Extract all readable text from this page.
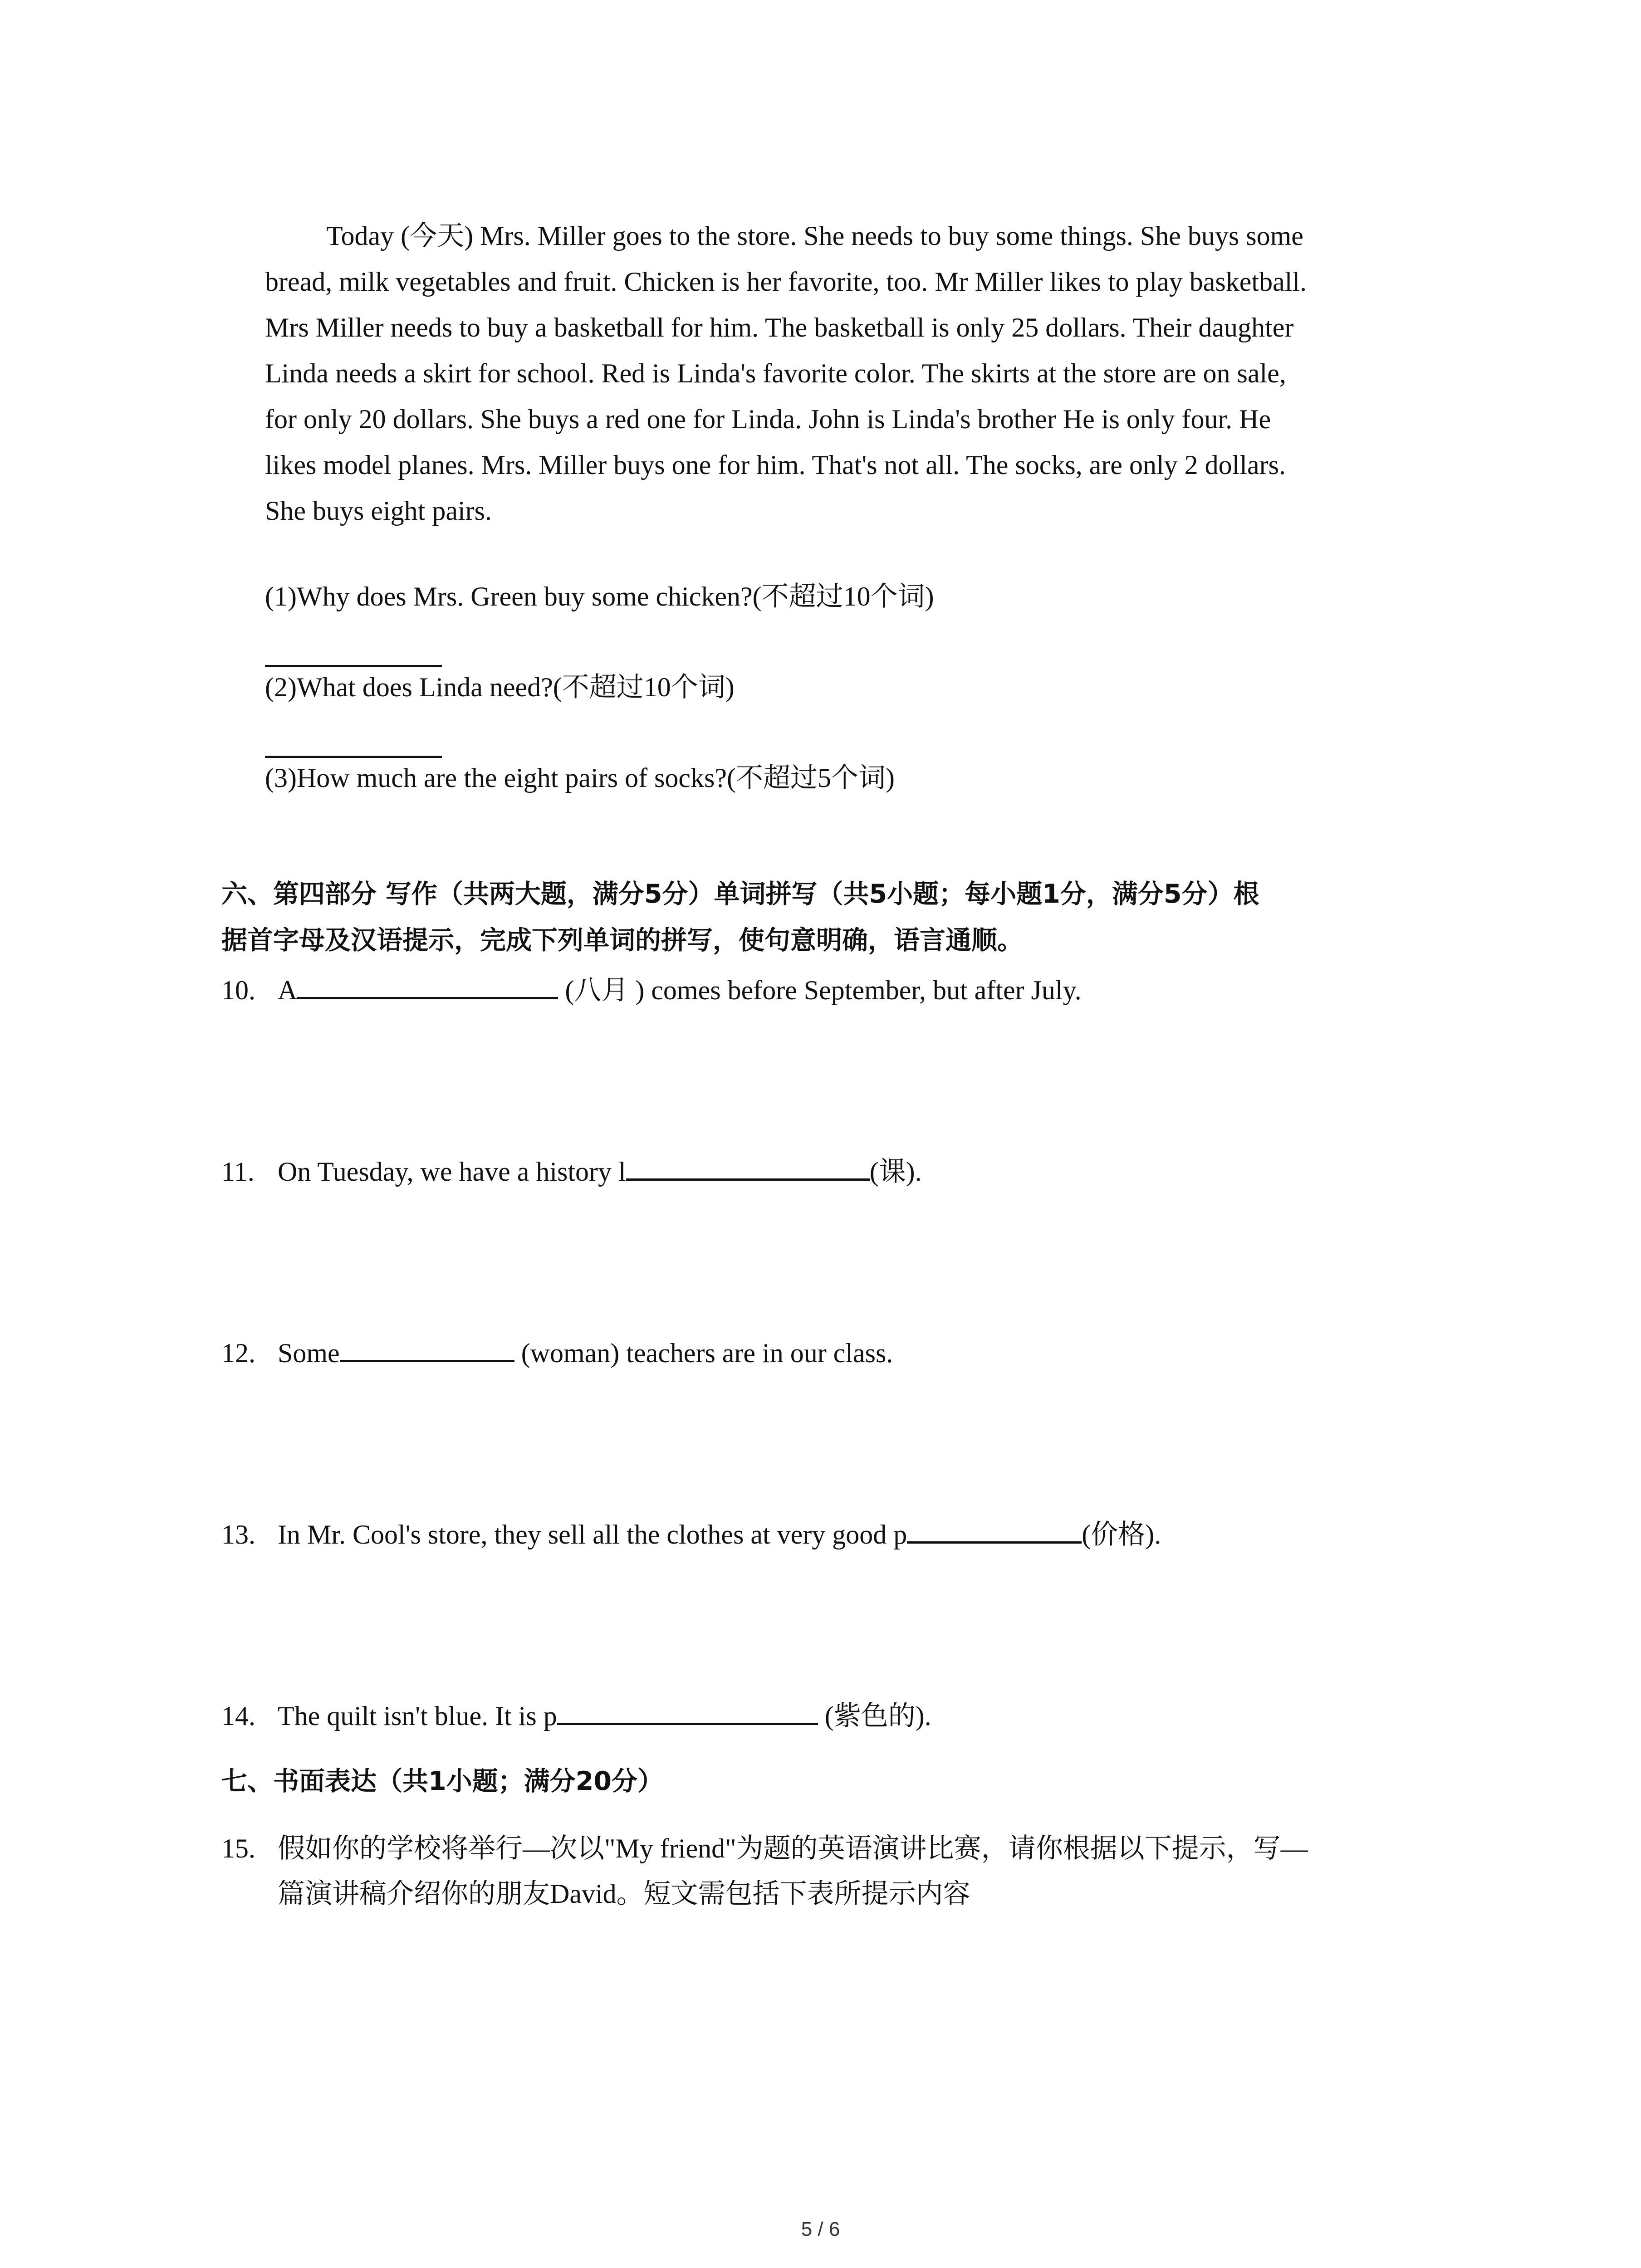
Today (今天) Mrs. Miller goes to the store. She needs to buy some things. She buys some
bread, milk vegetables and fruit. Chicken is her favorite, too. Mr Miller likes to play basketball.
Mrs Miller needs to buy a basketball for him. The basketball is only 25 dollars. Their daughter
Linda needs a skirt for school. Red is Linda's favorite color. The skirts at the store are on sale,
for only 20 dollars. She buys a red one for Linda. John is Linda's brother He is only four. He
likes model planes. Mrs. Miller buys one for him. That's not all. The socks, are only 2 dollars.
She buys eight pairs.
(1)Why does Mrs. Green buy some chicken?(不超过10个词)
(2)What does Linda need?(不超过10个词)
(3)How much are the eight pairs of socks?(不超过5个词)
六、第四部分 写作（共两大题，满分5分）单词拼写（共5小题；每小题1分，满分5分）根
据首字母及汉语提示，完成下列单词的拼写，使句意明确，语言通顺。
10. A	(八月 ) comes before September, but after July.
11. On Tuesday, we have a history l	(课).
12. Some	(woman) teachers are in our class.
13. In Mr. Cool's store, they sell all the clothes at very good p	(价格).
14. The quilt isn't blue. It is p	(紫色的).
七、书面表达（共1小题；满分20分）
15. 假如你的学校将举行—次以"My friend"为题的英语演讲比赛，请你根据以下提示，写—
篇演讲稿介绍你的朋友David。短文需包括下表所提示内容
5 / 6
